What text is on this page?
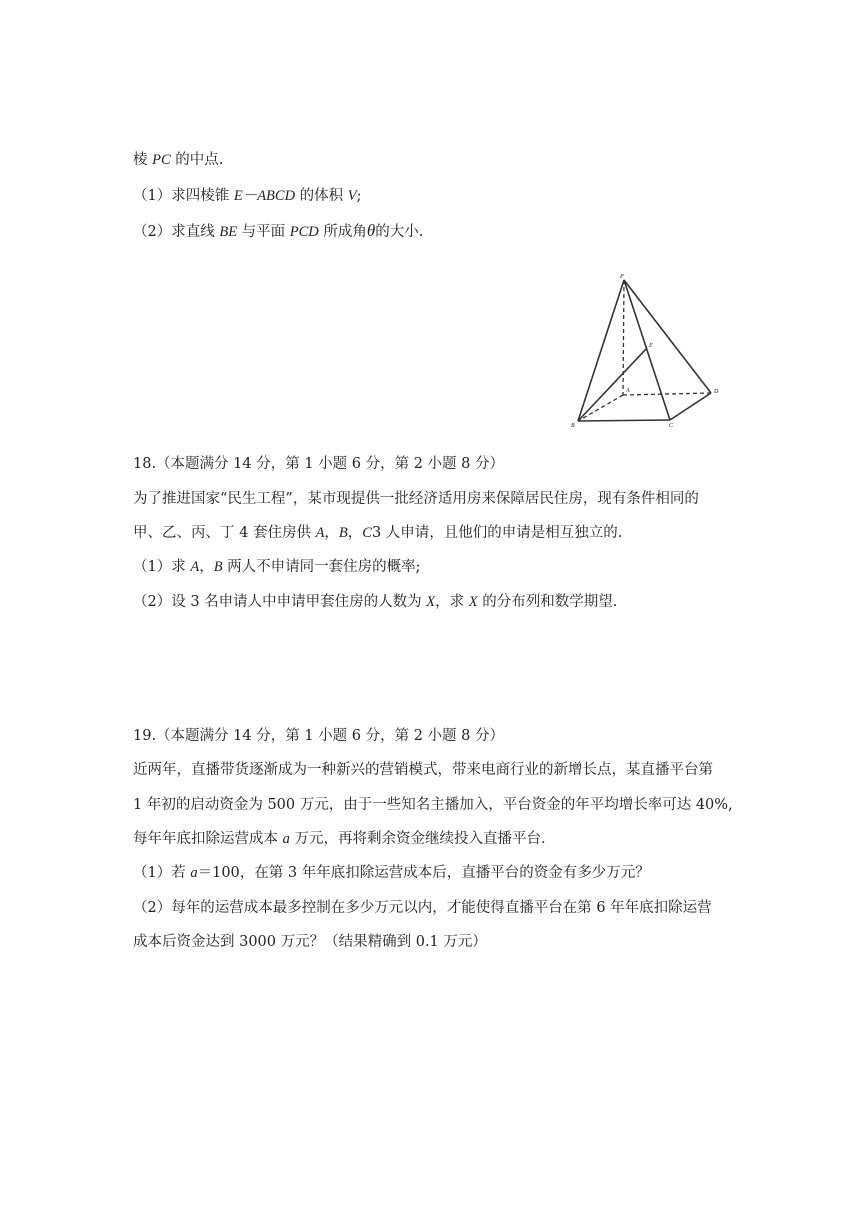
棱 PC 的中点.
（1）求四棱锥 E－ABCD 的体积 V;
（2）求直线 BE 与平面 PCD 所成角θ的大小.
P
E
A	D
B	C
18.（本题满分 14 分，第 1 小题 6 分，第 2 小题 8 分）
为了推进国家“民生工程”，某市现提供一批经济适用房来保障居民住房，现有条件相同的
甲、乙、丙、丁 4 套住房供 A，B，C3 人申请，且他们的申请是相互独立的.
（1）求 A，B 两人不申请同一套住房的概率;
（2）设 3 名申请人中申请甲套住房的人数为 X，求 X 的分布列和数学期望.
19.（本题满分 14 分，第 1 小题 6 分，第 2 小题 8 分）
近两年，直播带货逐渐成为一种新兴的营销模式，带来电商行业的新增长点，某直播平台第
1 年初的启动资金为 500 万元，由于一些知名主播加入，平台资金的年平均增长率可达 40%,
每年年底扣除运营成本 a 万元，再将剩余资金继续投入直播平台.
（1）若 a＝100，在第 3 年年底扣除运营成本后，直播平台的资金有多少万元？
（2）每年的运营成本最多控制在多少万元以内，才能使得直播平台在第 6 年年底扣除运营
成本后资金达到 3000 万元？（结果精确到 0.1 万元）
